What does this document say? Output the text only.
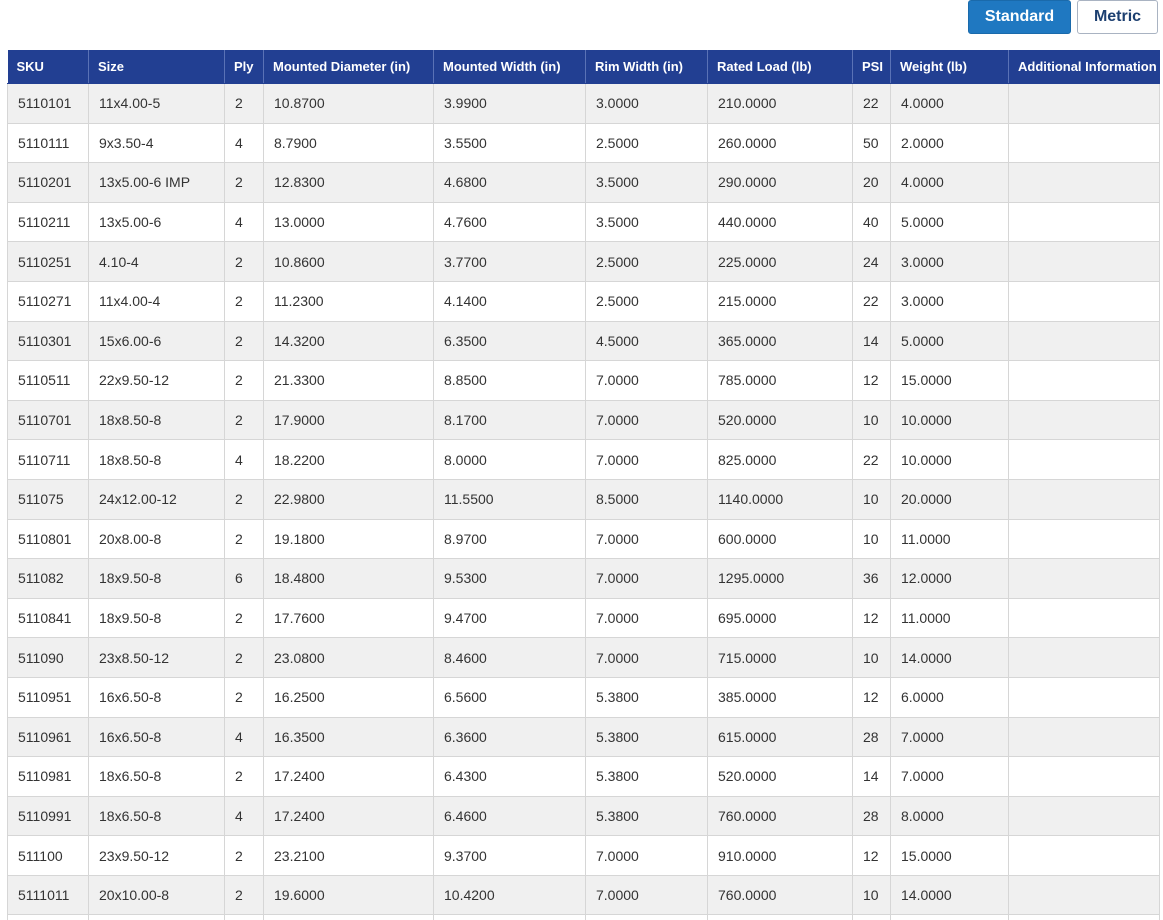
Standard	Metric
SKU	Size	Ply	Mounted Diameter (in)	Mounted Width (in)	Rim Width (in)	Rated Load (lb)	PSI	Weight (lb)	Additional Information
5110101	11x4.00-5	2	10.8700	3.9900	3.0000	210.0000	22	4.0000	
5110111	9x3.50-4	4	8.7900	3.5500	2.5000	260.0000	50	2.0000	
5110201	13x5.00-6 IMP	2	12.8300	4.6800	3.5000	290.0000	20	4.0000	
5110211	13x5.00-6	4	13.0000	4.7600	3.5000	440.0000	40	5.0000	
5110251	4.10-4	2	10.8600	3.7700	2.5000	225.0000	24	3.0000	
5110271	11x4.00-4	2	11.2300	4.1400	2.5000	215.0000	22	3.0000	
5110301	15x6.00-6	2	14.3200	6.3500	4.5000	365.0000	14	5.0000	
5110511	22x9.50-12	2	21.3300	8.8500	7.0000	785.0000	12	15.0000	
5110701	18x8.50-8	2	17.9000	8.1700	7.0000	520.0000	10	10.0000	
5110711	18x8.50-8	4	18.2200	8.0000	7.0000	825.0000	22	10.0000	
511075	24x12.00-12	2	22.9800	11.5500	8.5000	1140.0000	10	20.0000	
5110801	20x8.00-8	2	19.1800	8.9700	7.0000	600.0000	10	11.0000	
511082	18x9.50-8	6	18.4800	9.5300	7.0000	1295.0000	36	12.0000	
5110841	18x9.50-8	2	17.7600	9.4700	7.0000	695.0000	12	11.0000	
511090	23x8.50-12	2	23.0800	8.4600	7.0000	715.0000	10	14.0000	
5110951	16x6.50-8	2	16.2500	6.5600	5.3800	385.0000	12	6.0000	
5110961	16x6.50-8	4	16.3500	6.3600	5.3800	615.0000	28	7.0000	
5110981	18x6.50-8	2	17.2400	6.4300	5.3800	520.0000	14	7.0000	
5110991	18x6.50-8	4	17.2400	6.4600	5.3800	760.0000	28	8.0000	
511100	23x9.50-12	2	23.2100	9.3700	7.0000	910.0000	12	15.0000	
5111011	20x10.00-8	2	19.6000	10.4200	7.0000	760.0000	10	14.0000	
